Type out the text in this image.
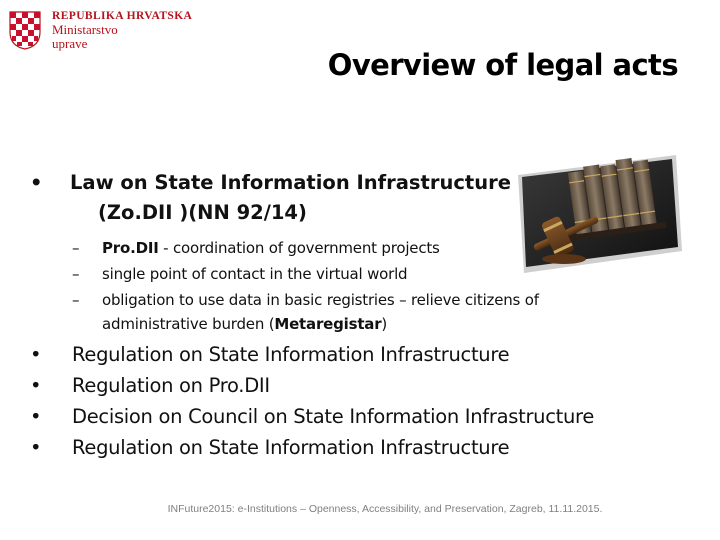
REPUBLIKA HRVATSKA
Ministarstvo
uprave
Overview of legal acts
• Law on State Information Infrastructure
(Zo.DII )(NN 92/14)
– Pro.DII - coordination of government projects
– single point of contact in the virtual world
– obligation to use data in basic registries – relieve citizens of
administrative burden (Metaregistar)
• Regulation on State Information Infrastructure
• Regulation on Pro.DII
• Decision on Council on State Information Infrastructure
• Regulation on State Information Infrastructure
INFuture2015: e-Institutions – Openness, Accessibility, and Preservation, Zagreb, 11.11.2015.
